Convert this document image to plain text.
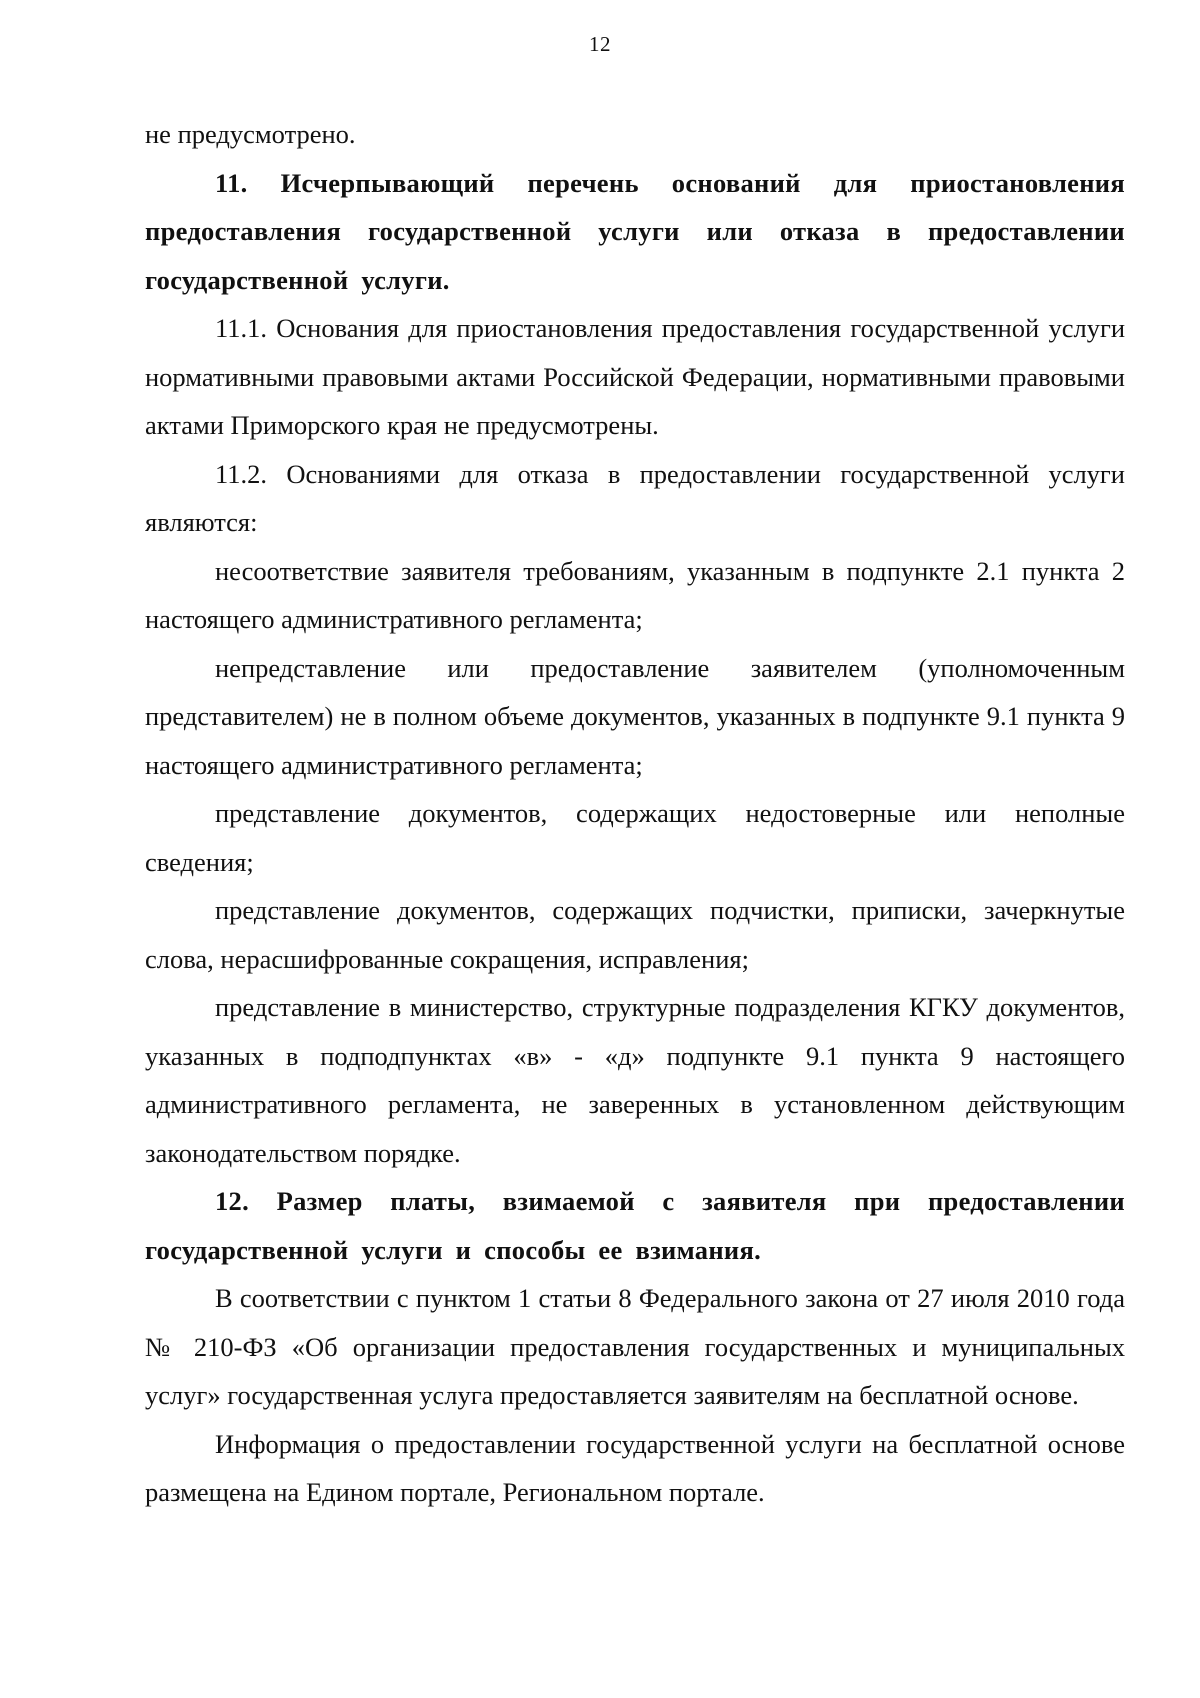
12

не предусмотрено.

11. Исчерпывающий перечень оснований для приостановления предоставления государственной услуги или отказа в предоставлении государственной услуги.

11.1. Основания для приостановления предоставления государственной услуги нормативными правовыми актами Российской Федерации, нормативными правовыми актами Приморского края не предусмотрены.

11.2. Основаниями для отказа в предоставлении государственной услуги являются:

несоответствие заявителя требованиям, указанным в подпункте 2.1 пункта 2 настоящего административного регламента;

непредставление или предоставление заявителем (уполномоченным представителем) не в полном объеме документов, указанных в подпункте 9.1 пункта 9 настоящего административного регламента;

представление документов, содержащих недостоверные или неполные сведения;

представление документов, содержащих подчистки, приписки, зачеркнутые слова, нерасшифрованные сокращения, исправления;

представление в министерство, структурные подразделения КГКУ документов, указанных в подподпунктах «в» - «д» подпункте 9.1 пункта 9 настоящего административного регламента, не заверенных в установленном действующим законодательством порядке.

12. Размер платы, взимаемой с заявителя при предоставлении государственной услуги и способы ее взимания.

В соответствии с пунктом 1 статьи 8 Федерального закона от 27 июля 2010 года № 210-ФЗ «Об организации предоставления государственных и муниципальных услуг» государственная услуга предоставляется заявителям на бесплатной основе.

Информация о предоставлении государственной услуги на бесплатной основе размещена на Едином портале, Региональном портале.
